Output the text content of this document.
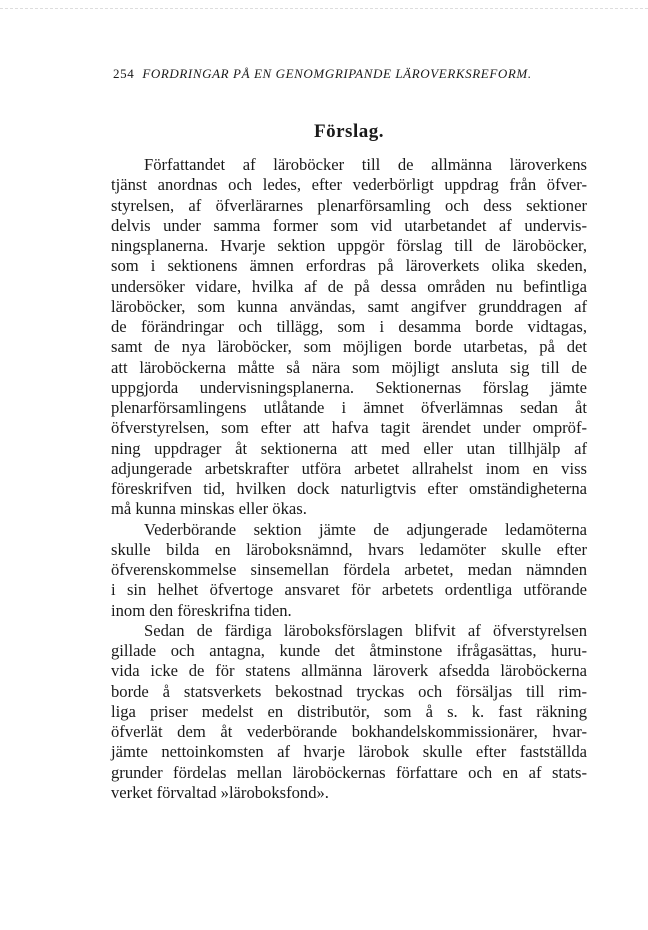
254 FORDRINGAR PÅ EN GENOMGRIPANDE LÄROVERKSREFORM.
Förslag.
Författandet af läroböcker till de allmänna läroverkens
tjänst anordnas och ledes, efter vederbörligt uppdrag från öfver-
styrelsen, af öfverlärarnes plenarförsamling och dess sektioner
delvis under samma former som vid utarbetandet af undervis-
ningsplanerna. Hvarje sektion uppgör förslag till de läroböcker,
som i sektionens ämnen erfordras på läroverkets olika skeden,
undersöker vidare, hvilka af de på dessa områden nu befintliga
läroböcker, som kunna användas, samt angifver grunddragen af
de förändringar och tillägg, som i desamma borde vidtagas,
samt de nya läroböcker, som möjligen borde utarbetas, på det
att läroböckerna måtte så nära som möjligt ansluta sig till de
uppgjorda undervisningsplanerna. Sektionernas förslag jämte
plenarförsamlingens utlåtande i ämnet öfverlämnas sedan åt
öfverstyrelsen, som efter att hafva tagit ärendet under ompröf-
ning uppdrager åt sektionerna att med eller utan tillhjälp af
adjungerade arbetskrafter utföra arbetet allrahelst inom en viss
föreskrifven tid, hvilken dock naturligtvis efter omständigheterna
må kunna minskas eller ökas.
Vederbörande sektion jämte de adjungerade ledamöterna
skulle bilda en läroboksnämnd, hvars ledamöter skulle efter
öfverenskommelse sinsemellan fördela arbetet, medan nämnden
i sin helhet öfvertoge ansvaret för arbetets ordentliga utförande
inom den föreskrifna tiden.
Sedan de färdiga läroboksförslagen blifvit af öfverstyrelsen
gillade och antagna, kunde det åtminstone ifrågasättas, huru-
vida icke de för statens allmänna läroverk afsedda läroböckerna
borde å statsverkets bekostnad tryckas och försäljas till rim-
liga priser medelst en distributör, som å s. k. fast räkning
öfverlät dem åt vederbörande bokhandelskommissionärer, hvar-
jämte nettoinkomsten af hvarje lärobok skulle efter fastställda
grunder fördelas mellan läroböckernas författare och en af stats-
verket förvaltad »läroboksfond».
